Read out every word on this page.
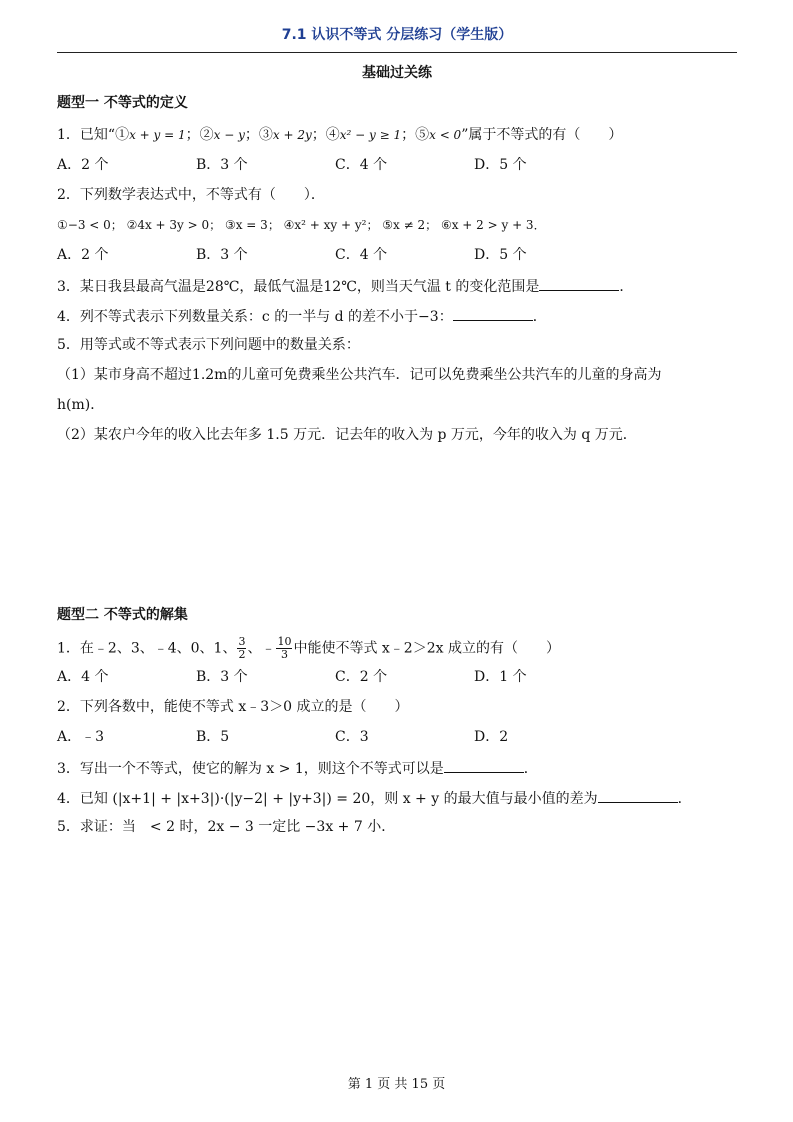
7.1 认识不等式 分层练习（学生版）
基础过关练
题型一 不等式的定义
1．已知“①x + y = 1；②x − y；③x + 2y；④x² − y ≥ 1；⑤x < 0”属于不等式的有（　　）
A．2 个	B．3 个	C．4 个	D．5 个
2．下列数学表达式中，不等式有（　　）．
①−3 < 0； ②4x + 3y > 0； ③x = 3； ④x² + xy + y²； ⑤x ≠ 2； ⑥x + 2 > y + 3．
A．2 个	B．3 个	C．4 个	D．5 个
3．某日我县最高气温是28℃，最低气温是12℃，则当天气温 t 的变化范围是	．
4．列不等式表示下列数量关系：c 的一半与 d 的差不小于−3：	．
5．用等式或不等式表示下列问题中的数量关系：
（1）某市身高不超过1.2m的儿童可免费乘坐公共汽车．记可以免费乘坐公共汽车的儿童的身高为
h(m)．
（2）某农户今年的收入比去年多 1.5 万元．记去年的收入为 p 万元，今年的收入为 q 万元．
题型二 不等式的解集
1．在﹣2、3、﹣4、0、1、 $\frac{3}{2}$ 、﹣ $\frac{10}{3}$ 中能使不等式 x﹣2＞2x 成立的有（　　）
A．4 个	B．3 个	C．2 个	D．1 个
2．下列各数中，能使不等式 x﹣3＞0 成立的是（　　）
A．﹣3	B．5	C．3	D．2
3．写出一个不等式，使它的解为 x > 1，则这个不等式可以是	．
4．已知 (|x+1| + |x+3|)·(|y−2| + |y+3|) = 20，则 x + y 的最大值与最小值的差为	．
5．求证：当　< 2 时，2x − 3 一定比 −3x + 7 小．
第 1 页 共 15 页
